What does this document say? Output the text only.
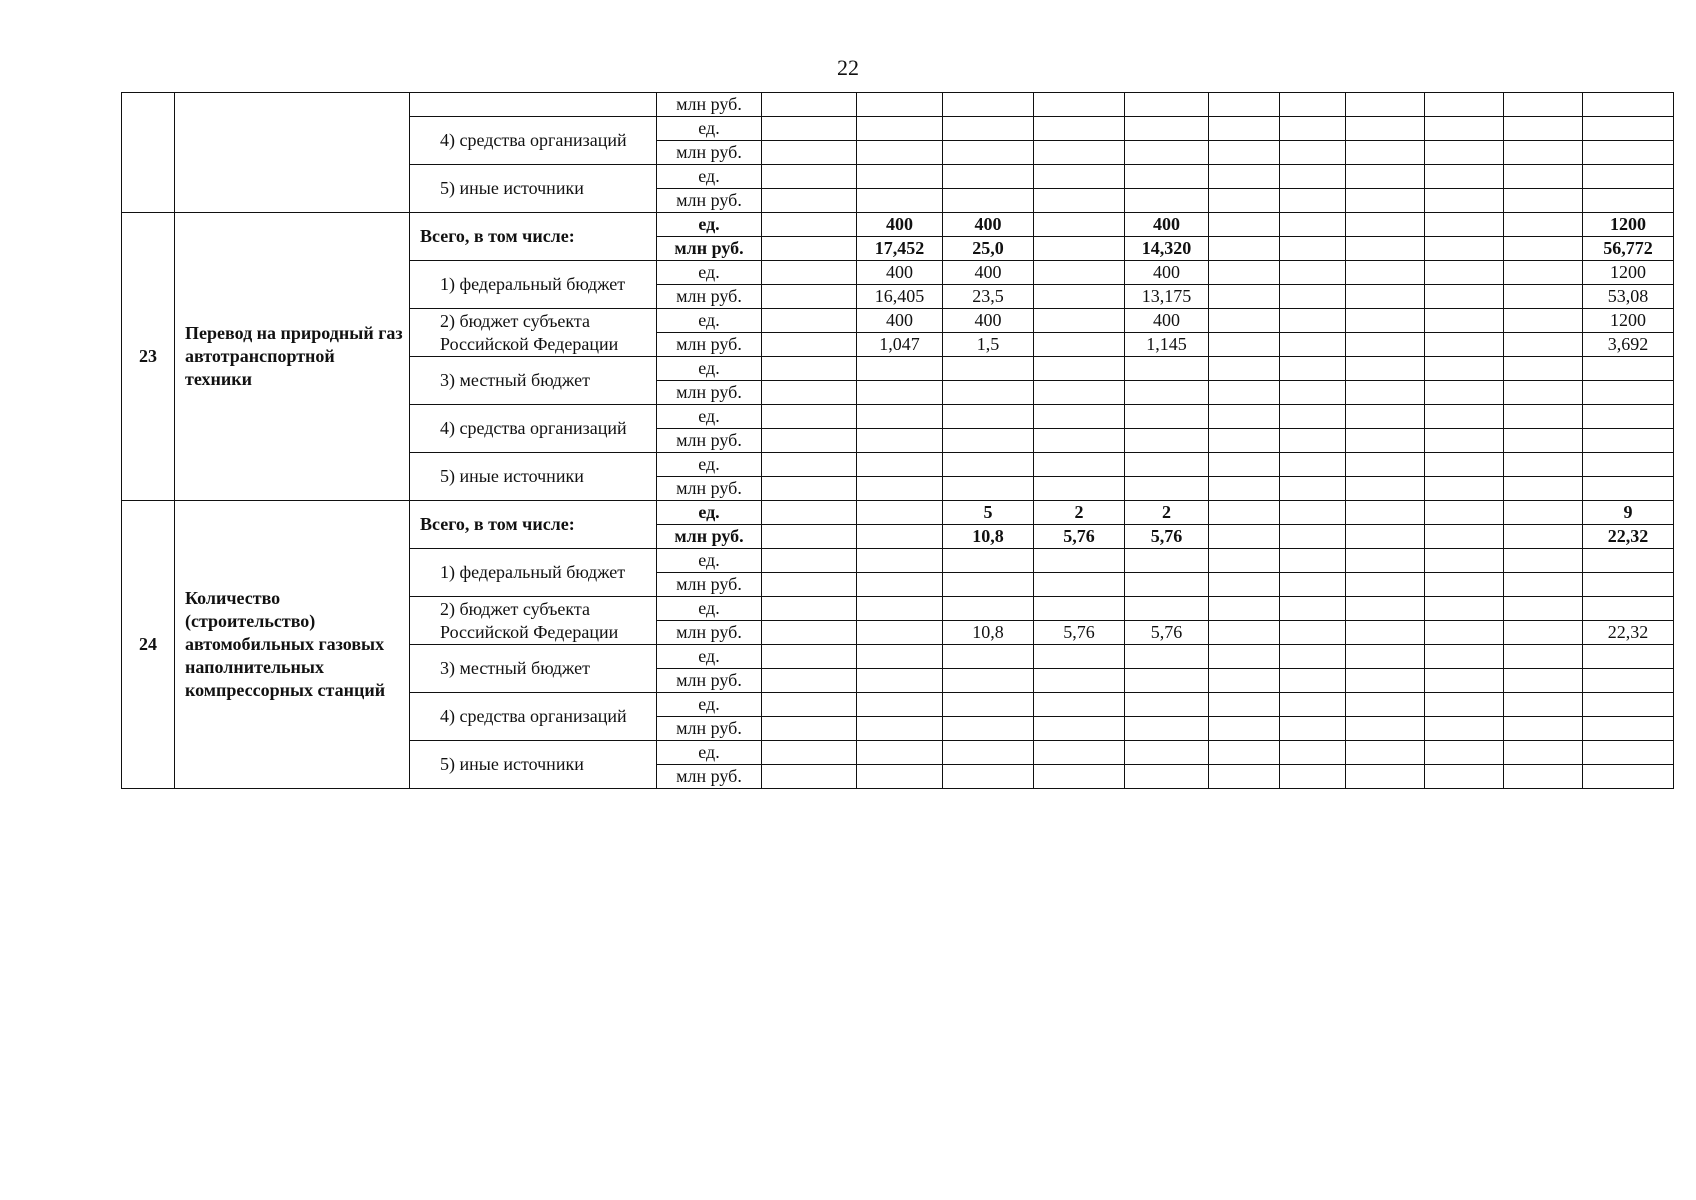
22
			млн руб.											
		4) средства организаций	ед.											
			млн руб.											
		5) иные источники	ед.											
			млн руб.											
23	Перевод на природный газ автотранспортной техники	Всего, в том числе:	ед.		400	400		400						1200
			млн руб.		17,452	25,0		14,320						56,772
		1) федеральный бюджет	ед.		400	400		400						1200
			млн руб.		16,405	23,5		13,175						53,08
		2) бюджет субъекта Российской Федерации	ед.		400	400		400						1200
			млн руб.		1,047	1,5		1,145						3,692
		3) местный бюджет	ед.											
			млн руб.											
		4) средства организаций	ед.											
			млн руб.											
		5) иные источники	ед.											
			млн руб.											
24	Количество (строительство) автомобильных газовых наполнительных компрессорных станций	Всего, в том числе:	ед.			5	2	2						9
			млн руб.			10,8	5,76	5,76						22,32
		1) федеральный бюджет	ед.											
			млн руб.											
		2) бюджет субъекта Российской Федерации	ед.											
			млн руб.			10,8	5,76	5,76						22,32
		3) местный бюджет	ед.											
			млн руб.											
		4) средства организаций	ед.											
			млн руб.											
		5) иные источники	ед.											
			млн руб.											
